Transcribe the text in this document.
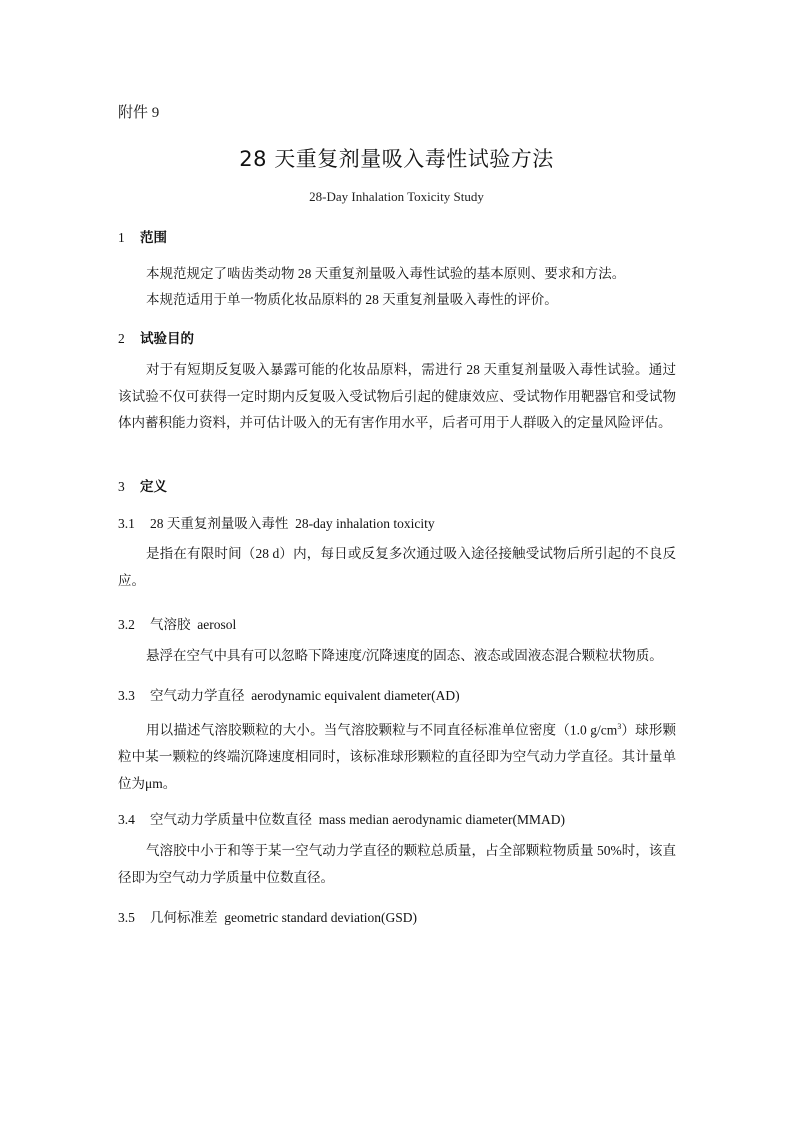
附件 9
28 天重复剂量吸入毒性试验方法
28-Day Inhalation Toxicity Study
1 范围
本规范规定了啮齿类动物 28 天重复剂量吸入毒性试验的基本原则、要求和方法。
本规范适用于单一物质化妆品原料的 28 天重复剂量吸入毒性的评价。
2 试验目的
对于有短期反复吸入暴露可能的化妆品原料，需进行 28 天重复剂量吸入毒性试验。通过该试验不仅可获得一定时期内反复吸入受试物后引起的健康效应、受试物作用靶器官和受试物体内蓄积能力资料，并可估计吸入的无有害作用水平，后者可用于人群吸入的定量风险评估。
3 定义
3.1 28 天重复剂量吸入毒性 28-day inhalation toxicity
是指在有限时间（28 d）内，每日或反复多次通过吸入途径接触受试物后所引起的不良反应。
3.2 气溶胶 aerosol
悬浮在空气中具有可以忽略下降速度/沉降速度的固态、液态或固液态混合颗粒状物质。
3.3 空气动力学直径 aerodynamic equivalent diameter(AD)
用以描述气溶胶颗粒的大小。当气溶胶颗粒与不同直径标准单位密度（1.0 $g/cm^3$）球形颗粒中某一颗粒的终端沉降速度相同时，该标准球形颗粒的直径即为空气动力学直径。其计量单位为μm。
3.4 空气动力学质量中位数直径 mass median aerodynamic diameter(MMAD)
气溶胶中小于和等于某一空气动力学直径的颗粒总质量，占全部颗粒物质量 50%时，该直径即为空气动力学质量中位数直径。
3.5 几何标准差 geometric standard deviation(GSD)
